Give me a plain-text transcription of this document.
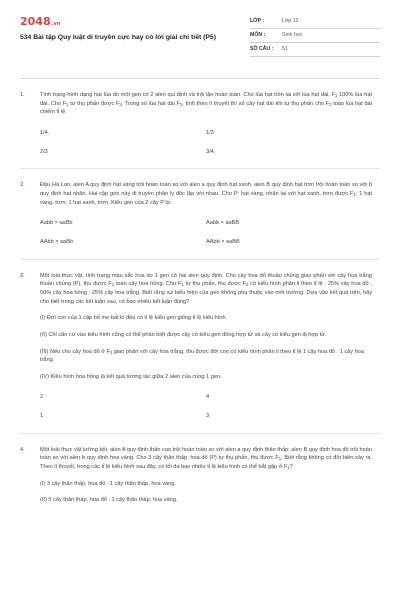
2048.vn
534 Bài tập Quy luật di truyền cực hay có lời giải chi tiết (P5)
LỚP :	Lớp 12
MÔN :	Sinh học
SỐ CÂU :	51
1.	Tính trạng hình dạng hạt lúa do một gen có 2 alen qui định và trội lặn hoàn toàn. Cho lúa hạt tròn lai với lúa hạt dài, $F_1$ 100% lúa hạt dài. Cho $F_1$ tự thụ phấn được $F_2$. Trong số lúa hạt dài $F_2$, tính theo lí thuyết thì số cây hạt dài khi tự thụ phấn cho $F_3$ toàn lúa hạt dài chiếm tỉ lệ
1/4.	1/3
2/3	3/4.
2.	Đậu Hà Lan, alen A quy định hạt vàng trội hoàn toàn so với alen a quy định hạt xanh, alen B quy định hạt trơn trội hoàn toàn so với b quy định hạt nhăn. Hai cặp gen này di truyền phân ly độc lập với nhau. Cho P: hạt vàng, nhăn lai với hạt xanh, trơn được $F_1$: 1 hạt vàng, trơn; 1 hạt xanh, trơn. Kiểu gen của 2 cây P là:
Aabb × aaBb	Aabb × aaBB
AAbb × aaBb	AAbb × aaBB
3.	Một loài thực vật, tính trạng màu sắc hoa do 1 gen có hai alen quy định. Cho cây hoa đỏ thuần chủng giao phấn với cây hoa trắng thuần chủng (P), thu được $F_1$ toàn cây hoa hồng. Cho $F_1$ tự thụ phấn, thu được $F_2$ có kiểu hình phân li theo tỉ lệ : 25% cây hoa đỏ ; 50% cây hoa hồng ; 25% cây hoa trắng. Biết rằng sự biểu hiện của gen không phụ thuộc vào môi trường. Dựa vào kết quả trên, hãy cho biết trong các kết luận sau, có bao nhiêu kết luận đúng?
(I) Đời con của 1 cặp bố mẹ bất kì đều có tỉ lệ kiểu gen giống tỉ lệ kiểu hình.
(II) Chỉ căn cứ vào kiểu hình cũng có thể phân biệt được cây có kiểu gen đồng hợp tử và cây có kiểu gen dị hợp tử.
(III) Nếu cho cây hoa đỏ ở $F_2$ giao phấn với cây hoa trắng, thu được đời con có kiểu hình phân li theo tỉ lệ 1 cây hoa đỏ : 1 cây hoa trắng.
(IV) Kiểu hình hoa hồng là kết quả tương tác giữa 2 alen của cùng 1 gen.
2	4
1	3
4.	Một loài thực vật lưỡng bội, alen A quy định thân cao trội hoàn toàn so với alen a quy định thân thấp; alen B quy định hoa đỏ trội hoàn toàn so với alen b quy định hoa vàng. Cho 3 cây thân thấp, hoa đỏ (P) tự thụ phấn, thu được $F_1$. Biết rằng không có đột biến xảy ra. Theo lí thuyết, trong các tỉ lệ kiểu hình sau đây, có tối đa bao nhiêu tỉ lệ kiểu hình có thể bắt gặp ở $F_1$?
(I) 3 cây thân thấp, hoa đỏ : 1 cây thân thấp, hoa vàng.
(II) 5 cây thân thấp, hoa đỏ : 1 cây thân thấp, hoa vàng.
